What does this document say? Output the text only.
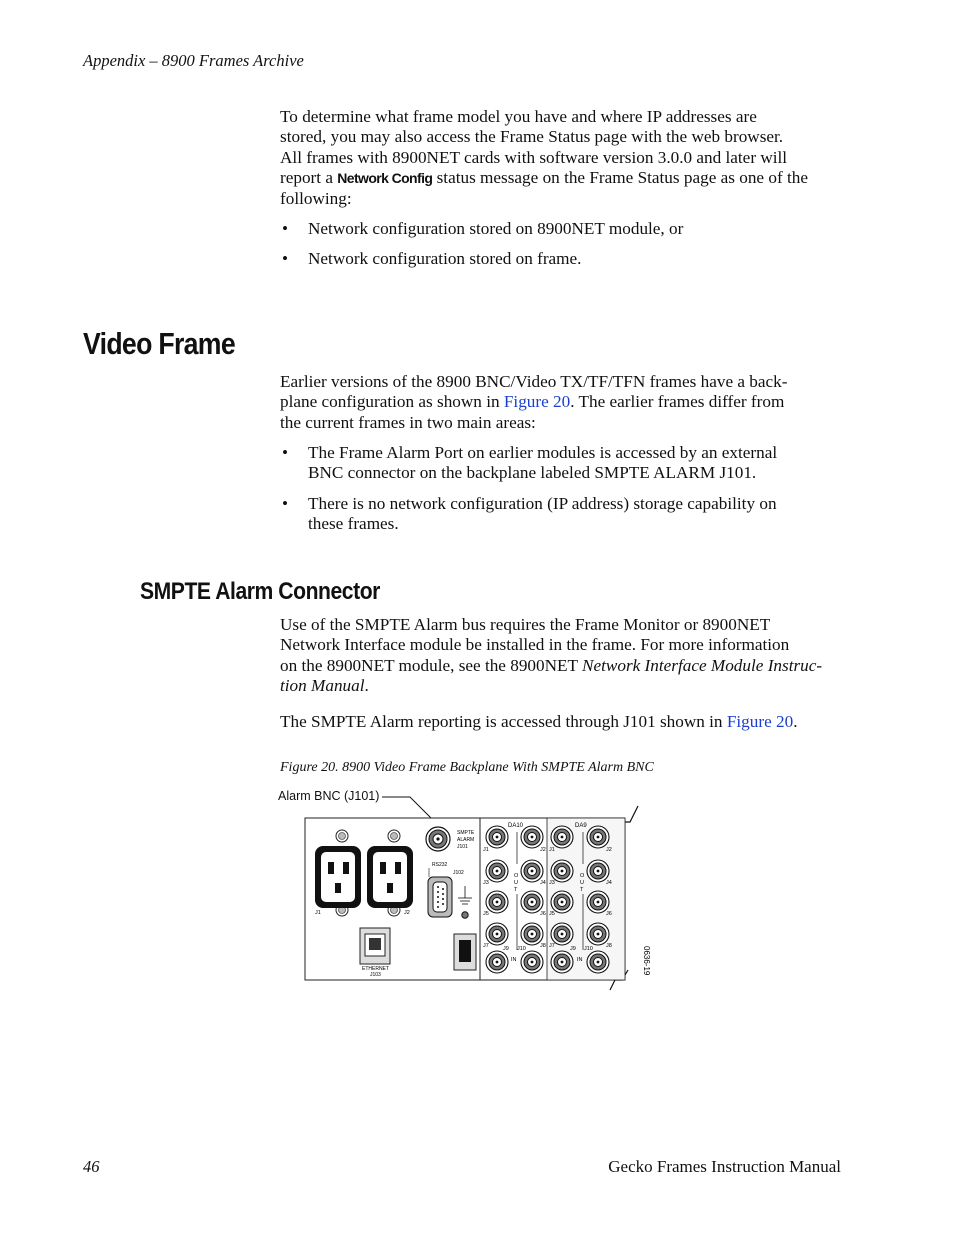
Appendix – 8900 Frames Archive
To determine what frame model you have and where IP addresses are
stored, you may also access the Frame Status page with the web browser.
All frames with 8900NET cards with software version 3.0.0 and later will
report a Network Config status message on the Frame Status page as one of the
following:
• Network configuration stored on 8900NET module, or
• Network configuration stored on frame.
Video Frame
Earlier versions of the 8900 BNC/Video TX/TF/TFN frames have a back-
plane configuration as shown in Figure 20. The earlier frames differ from
the current frames in two main areas:
• The Frame Alarm Port on earlier modules is accessed by an external
BNC connector on the backplane labeled SMPTE ALARM J101.
• There is no network configuration (IP address) storage capability on
these frames.
SMPTE Alarm Connector
Use of the SMPTE Alarm bus requires the Frame Monitor or 8900NET
Network Interface module be installed in the frame. For more information
on the 8900NET module, see the 8900NET Network Interface Module Instruc-
tion Manual.
The SMPTE Alarm reporting is accessed through J101 shown in Figure 20.
Figure 20. 8900 Video Frame Backplane With SMPTE Alarm BNC
Alarm BNC (J101)
J1	J2
ETHERNET
J103
SMPTE
ALARM
J101
RS232
J102
DA10	DA9
O
U
T
O
U
T
J1	J2
J3	J4
J5	J6
J7	J9 J10	J8
IN
J1	J2
J3	J4
J5	J6
J7	J9 J10 J8
IN	0636-19
46	Gecko Frames Instruction Manual
